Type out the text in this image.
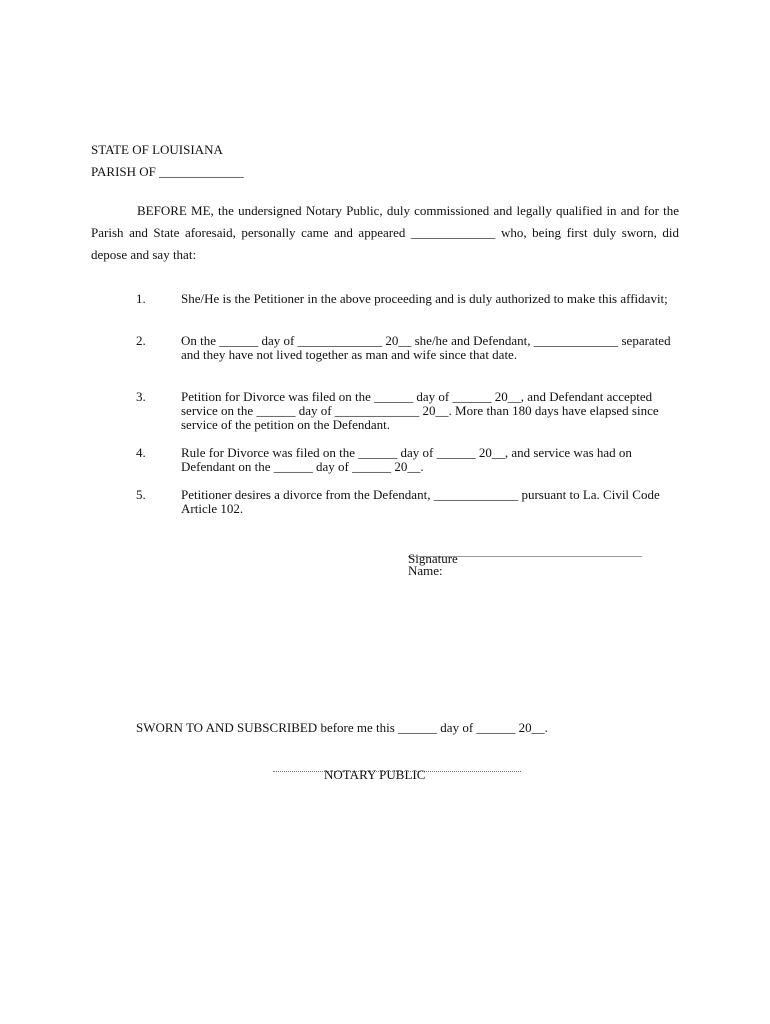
STATE OF LOUISIANA
PARISH OF _____________
BEFORE ME, the undersigned Notary Public, duly commissioned and legally qualified in and for the Parish and State aforesaid, personally came and appeared _____________ who, being first duly sworn, did depose and say that:
1.	She/He is the Petitioner in the above proceeding and is duly authorized to make this affidavit;
2.	On the ______ day of _____________ 20__ she/he and Defendant, _____________ separated and they have not lived together as man and wife since that date.
3.	Petition for Divorce was filed on the ______ day of ______ 20__, and Defendant accepted service on the ______ day of _____________ 20__. More than 180 days have elapsed since service of the petition on the Defendant.
4.	Rule for Divorce was filed on the ______ day of ______ 20__, and service was had on Defendant on the ______ day of ______ 20__.
5.	Petitioner desires a divorce from the Defendant, _____________ pursuant to La. Civil Code Article 102.
Signature
Name:
SWORN TO AND SUBSCRIBED before me this ______ day of ______ 20__.
NOTARY PUBLIC
